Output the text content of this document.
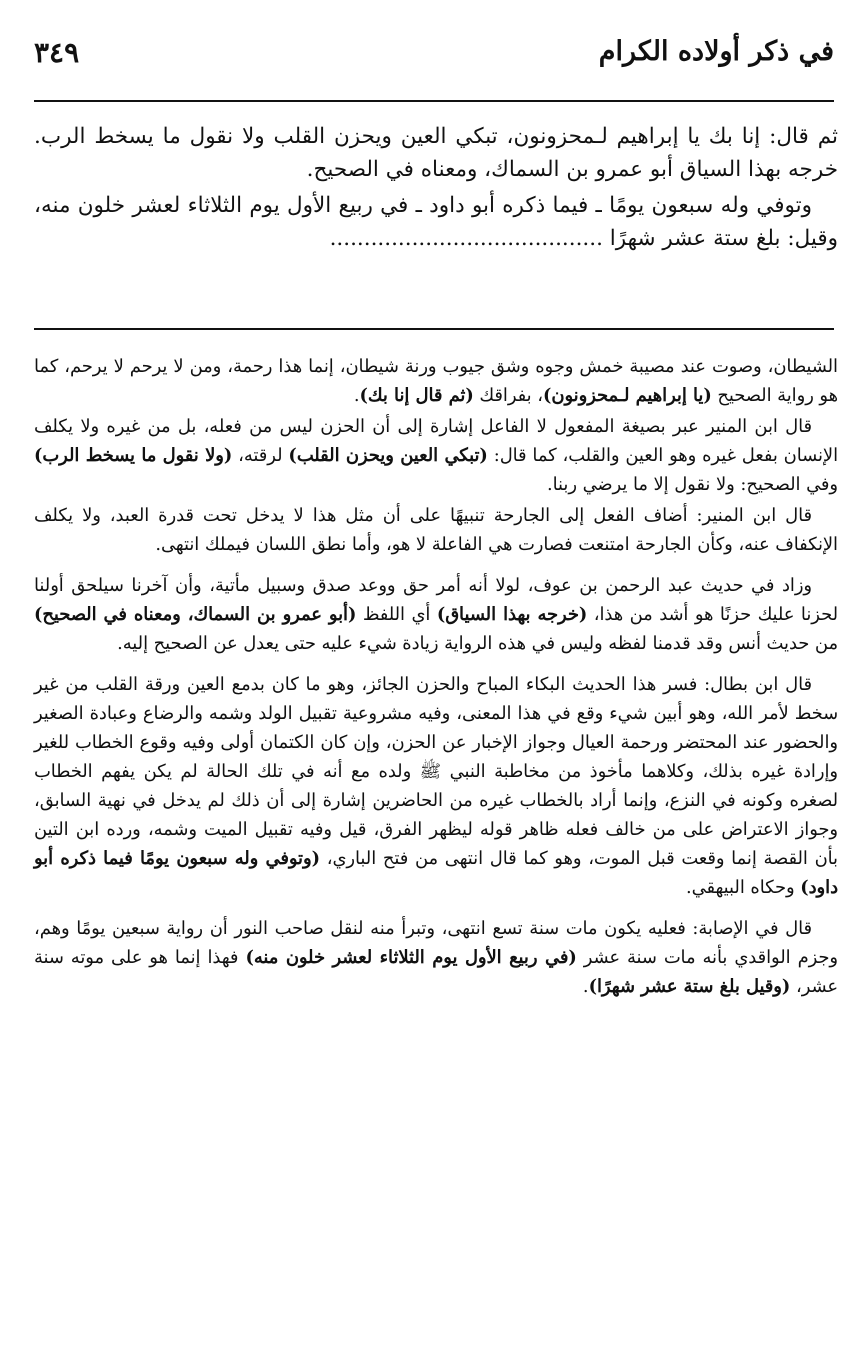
في ذكر أولاده الكرام
٣٤٩

ثم قال: إنا بك يا إبراهيم لـمحزونون، تبكي العين ويحزن القلب ولا نقول ما يسخط الرب. خرجه بهذا السياق أبو عمرو بن السماك، ومعناه في الصحيح.

وتوفي وله سبعون يومًا ـ فيما ذكره أبو داود ـ في ربيع الأول يوم الثلاثاء لعشر خلون منه، وقيل: بلغ ستة عشر شهرًا ........................................

الشيطان، وصوت عند مصيبة خمش وجوه وشق جيوب ورنة شيطان، إنما هذا رحمة، ومن لا يرحم لا يرحم، كما هو رواية الصحيح (يا إبراهيم لـمحزونون)، بفراقك (ثم قال إنا بك).

قال ابن المنير عبر بصيغة المفعول لا الفاعل إشارة إلى أن الحزن ليس من فعله، بل من غيره ولا يكلف الإنسان بفعل غيره وهو العين والقلب، كما قال: (تبكي العين ويحزن القلب) لرقته، (ولا نقول ما يسخط الرب) وفي الصحيح: ولا نقول إلا ما يرضي ربنا.

قال ابن المنير: أضاف الفعل إلى الجارحة تنبيهًا على أن مثل هذا لا يدخل تحت قدرة العبد، ولا يكلف الإنكفاف عنه، وكأن الجارحة امتنعت فصارت هي الفاعلة لا هو، وأما نطق اللسان فيملك انتهى.

وزاد في حديث عبد الرحمن بن عوف، لولا أنه أمر حق ووعد صدق وسبيل مأتية، وأن آخرنا سيلحق أولنا لحزنا عليك حزنًا هو أشد من هذا، (خرجه بهذا السياق) أي اللفظ (أبو عمرو بن السماك، ومعناه في الصحيح) من حديث أنس وقد قدمنا لفظه وليس في هذه الرواية زيادة شيء عليه حتى يعدل عن الصحيح إليه.

قال ابن بطال: فسر هذا الحديث البكاء المباح والحزن الجائز، وهو ما كان بدمع العين ورقة القلب من غير سخط لأمر الله، وهو أبين شيء وقع في هذا المعنى، وفيه مشروعية تقبيل الولد وشمه والرضاع وعبادة الصغير والحضور عند المحتضر ورحمة العيال وجواز الإخبار عن الحزن، وإن كان الكتمان أولى وفيه وقوع الخطاب للغير وإرادة غيره بذلك، وكلاهما مأخوذ من مخاطبة النبي ﷺ ولده مع أنه في تلك الحالة لم يكن يفهم الخطاب لصغره وكونه في النزع، وإنما أراد بالخطاب غيره من الحاضرين إشارة إلى أن ذلك لم يدخل في نهية السابق، وجواز الاعتراض على من خالف فعله ظاهر قوله ليظهر الفرق، قيل وفيه تقبيل الميت وشمه، ورده ابن التين بأن القصة إنما وقعت قبل الموت، وهو كما قال انتهى من فتح الباري، (وتوفي وله سبعون يومًا فيما ذكره أبو داود) وحكاه البيهقي.

قال في الإصابة: فعليه يكون مات سنة تسع انتهى، وتبرأ منه لنقل صاحب النور أن رواية سبعين يومًا وهم، وجزم الواقدي بأنه مات سنة عشر (في ربيع الأول يوم الثلاثاء لعشر خلون منه) فهذا إنما هو على موته سنة عشر، (وقيل بلغ ستة عشر شهرًا).
